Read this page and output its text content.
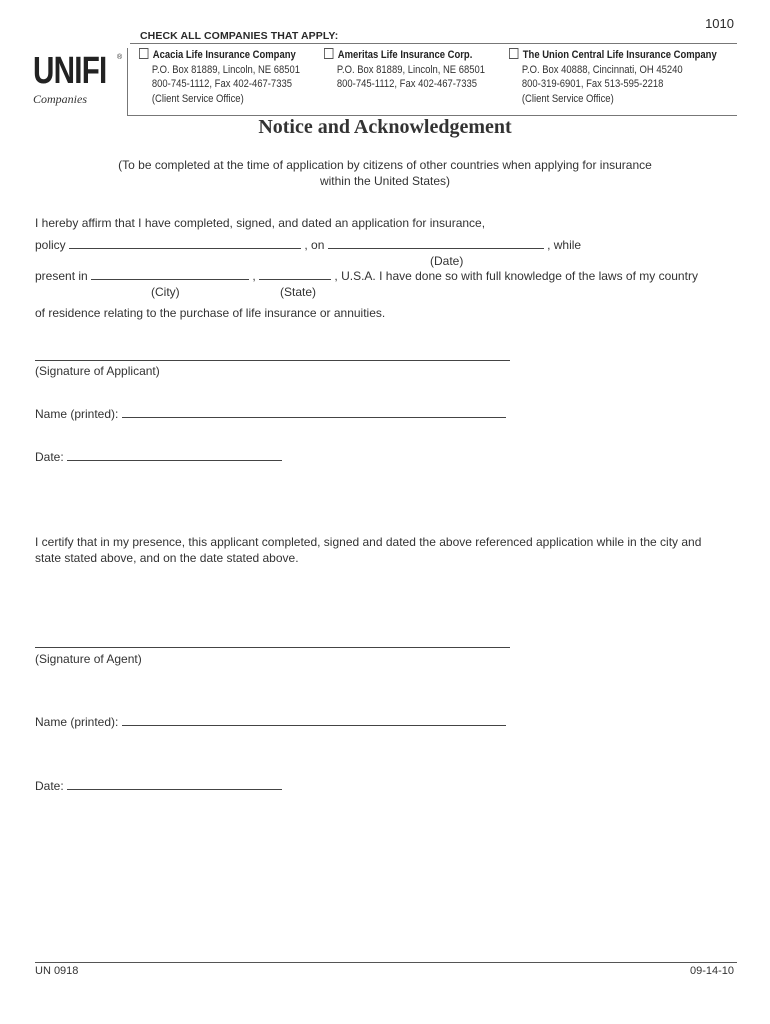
1010
CHECK ALL COMPANIES THAT APPLY:
UNIFI ®
Companies
Acacia Life Insurance Company
P.O. Box 81889, Lincoln, NE 68501
800-745-1112, Fax 402-467-7335
(Client Service Office)
Ameritas Life Insurance Corp.
P.O. Box 81889, Lincoln, NE 68501
800-745-1112, Fax 402-467-7335
The Union Central Life Insurance Company
P.O. Box 40888, Cincinnati, OH 45240
800-319-6901, Fax 513-595-2218
(Client Service Office)
Notice and Acknowledgement
(To be completed at the time of application by citizens of other countries when applying for insurance
within the United States)
I hereby affirm that I have completed, signed, and dated an application for insurance,
policy	, on	, while
(Date)
present in	,	, U.S.A. I have done so with full knowledge of the laws of my country
(City)	(State)
of residence relating to the purchase of life insurance or annuities.
(Signature of Applicant)
Name (printed):
Date:
I certify that in my presence, this applicant completed, signed and dated the above referenced application while in the city and
state stated above, and on the date stated above.
(Signature of Agent)
Name (printed):
Date:
UN 0918	09-14-10
